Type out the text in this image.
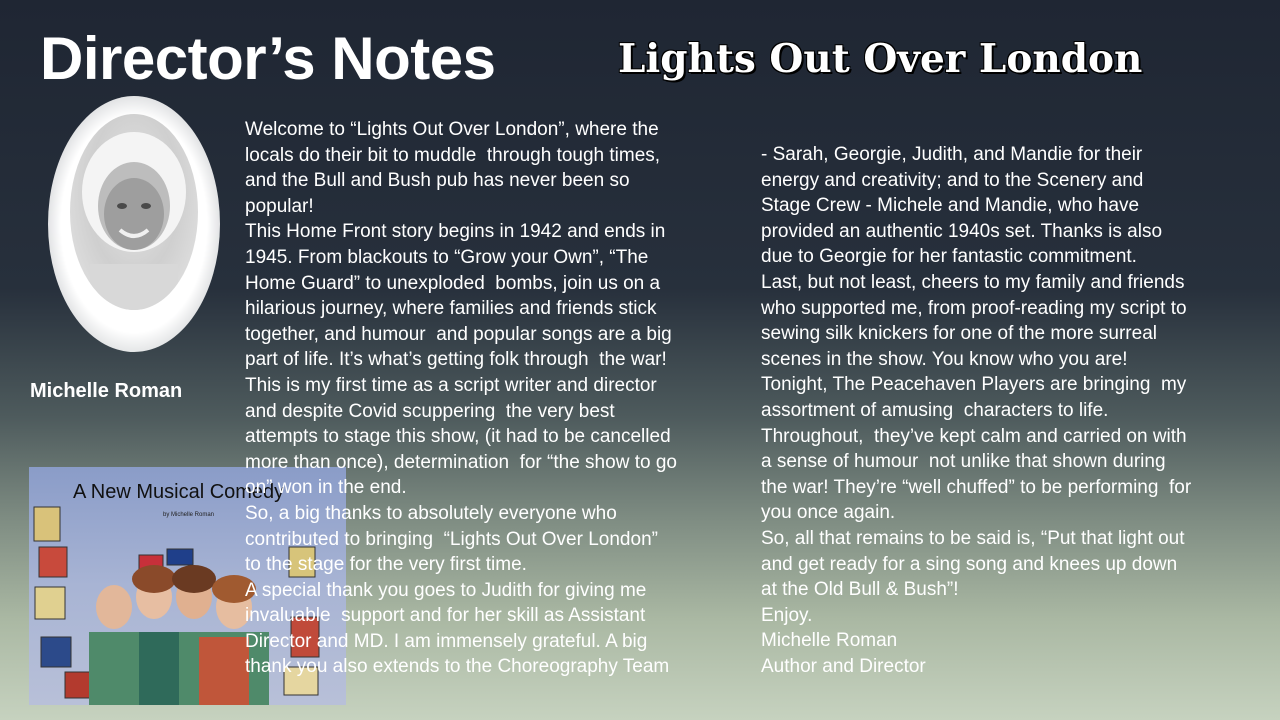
Director’s Notes	Lights Out Over London

Michelle Roman

A New Musical Comedy
by Michelle Roman

Welcome to “Lights Out Over London”, where the

locals do their bit to muddle  through tough times,

and the Bull and Bush pub has never been so

popular!

This Home Front story begins in 1942 and ends in

1945. From blackouts to “Grow your Own”, “The

Home Guard” to unexploded  bombs, join us on a

hilarious journey, where families and friends stick

together, and humour  and popular songs are a big

part of life. It’s what’s getting folk through  the war!

This is my first time as a script writer and director

and despite Covid scuppering  the very best

attempts to stage this show, (it had to be cancelled

more than once), determination  for “the show to go

on” won in the end.

So, a big thanks to absolutely everyone who

contributed to bringing  “Lights Out Over London”

to the stage for the very first time.

A special thank you goes to Judith for giving me

invaluable  support and for her skill as Assistant

Director and MD. I am immensely grateful. A big

thank you also extends to the Choreography Team

- Sarah, Georgie, Judith, and Mandie for their

energy and creativity; and to the Scenery and

Stage Crew - Michele and Mandie, who have

provided an authentic 1940s set. Thanks is also

due to Georgie for her fantastic commitment.

Last, but not least, cheers to my family and friends

who supported me, from proof-reading my script to

sewing silk knickers for one of the more surreal

scenes in the show. You know who you are!

Tonight, The Peacehaven Players are bringing  my

assortment of amusing  characters to life.

Throughout,  they’ve kept calm and carried on with

a sense of humour  not unlike that shown during

the war! They’re “well chuffed” to be performing  for

you once again.

So, all that remains to be said is, “Put that light out

and get ready for a sing song and knees up down

at the Old Bull & Bush”!

Enjoy.

Michelle Roman

Author and Director
